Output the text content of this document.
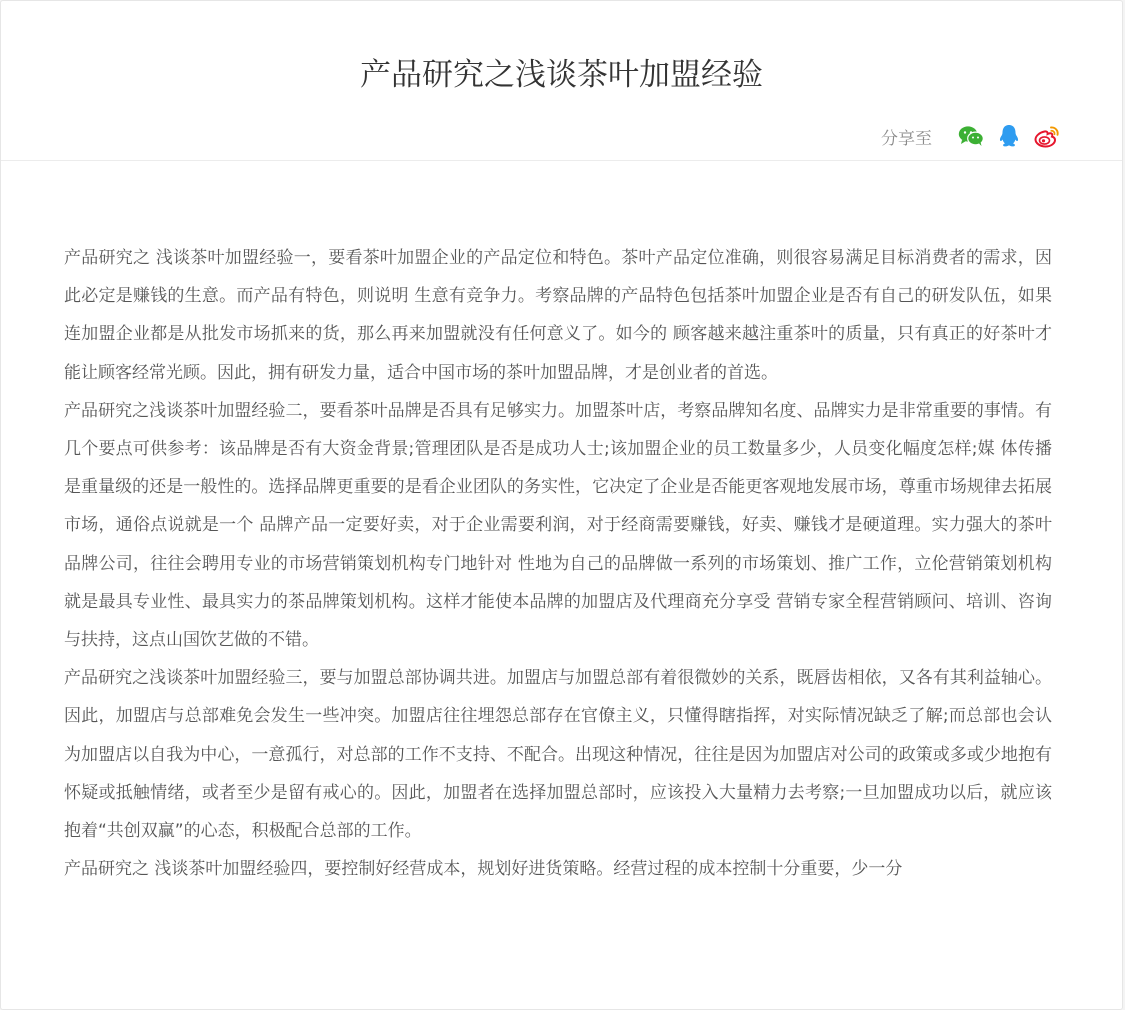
产品研究之浅谈茶叶加盟经验
分享至

产品研究之 浅谈茶叶加盟经验一，要看茶叶加盟企业的产品定位和特色。茶叶产品定位准确，则很容易满足目标消费者的需求，因此必定是赚钱的生意。而产品有特色，则说明 生意有竞争力。考察品牌的产品特色包括茶叶加盟企业是否有自己的研发队伍，如果连加盟企业都是从批发市场抓来的货，那么再来加盟就没有任何意义了。如今的 顾客越来越注重茶叶的质量，只有真正的好茶叶才能让顾客经常光顾。因此，拥有研发力量，适合中国市场的茶叶加盟品牌，才是创业者的首选。

产品研究之浅谈茶叶加盟经验二，要看茶叶品牌是否具有足够实力。加盟茶叶店，考察品牌知名度、品牌实力是非常重要的事情。有几个要点可供参考：该品牌是否有大资金背景;管理团队是否是成功人士;该加盟企业的员工数量多少，人员变化幅度怎样;媒 体传播是重量级的还是一般性的。选择品牌更重要的是看企业团队的务实性，它决定了企业是否能更客观地发展市场，尊重市场规律去拓展市场，通俗点说就是一个 品牌产品一定要好卖，对于企业需要利润，对于经商需要赚钱，好卖、赚钱才是硬道理。实力强大的茶叶品牌公司，往往会聘用专业的市场营销策划机构专门地针对 性地为自己的品牌做一系列的市场策划、推广工作，立伦营销策划机构就是最具专业性、最具实力的茶品牌策划机构。这样才能使本品牌的加盟店及代理商充分享受 营销专家全程营销顾问、培训、咨询与扶持，这点山国饮艺做的不错。

产品研究之浅谈茶叶加盟经验三，要与加盟总部协调共进。加盟店与加盟总部有着很微妙的关系，既唇齿相依，又各有其利益轴心。因此，加盟店与总部难免会发生一些冲突。加盟店往往埋怨总部存在官僚主义，只懂得瞎指挥，对实际情况缺乏了解;而总部也会认为加盟店以自我为中心，一意孤行，对总部的工作不支持、不配合。出现这种情况，往往是因为加盟店对公司的政策或多或少地抱有怀疑或抵触情绪，或者至少是留有戒心的。因此，加盟者在选择加盟总部时，应该投入大量精力去考察;一旦加盟成功以后，就应该抱着“共创双赢”的心态，积极配合总部的工作。

产品研究之 浅谈茶叶加盟经验四，要控制好经营成本，规划好进货策略。经营过程的成本控制十分重要，少一分
